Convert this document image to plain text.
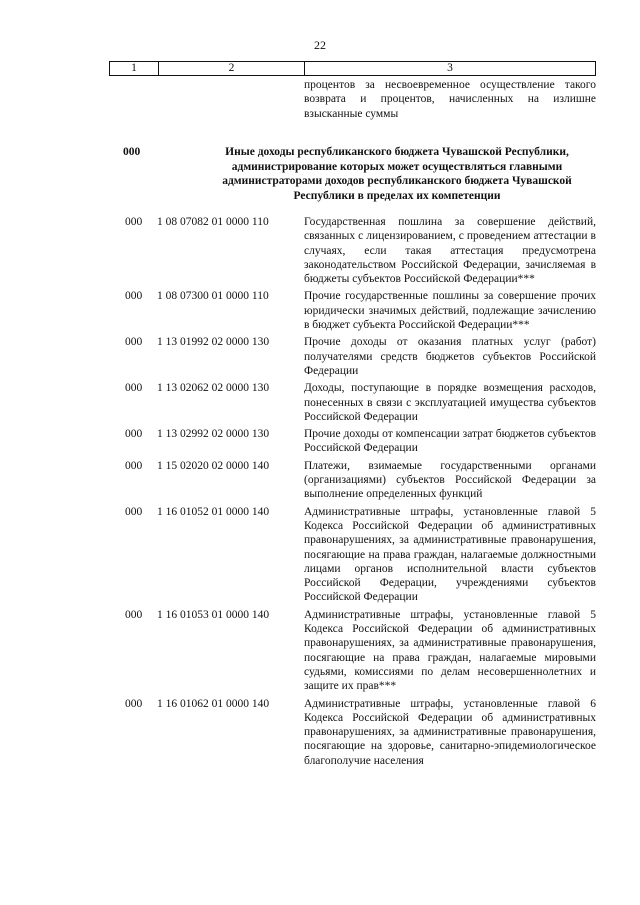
22
1	2	3
процентов за несвоевременное осуществление такого возврата и процентов, начисленных на излишне взысканные суммы
000	Иные доходы республиканского бюджета Чувашской Республики, администрирование которых может осуществляться главными администраторами доходов республиканского бюджета Чувашской Республики в пределах их компетенции
000	1 08 07082 01 0000 110	Государственная пошлина за совершение действий, связанных с лицензированием, с проведением аттестации в случаях, если такая аттестация предусмотрена законодательством Российской Федерации, зачисляемая в бюджеты субъектов Российской Федерации***
000	1 08 07300 01 0000 110	Прочие государственные пошлины за совершение прочих юридически значимых действий, подлежащие зачислению в бюджет субъекта Российской Федерации***
000	1 13 01992 02 0000 130	Прочие доходы от оказания платных услуг (работ) получателями средств бюджетов субъектов Российской Федерации
000	1 13 02062 02 0000 130	Доходы, поступающие в порядке возмещения расходов, понесенных в связи с эксплуатацией имущества субъектов Российской Федерации
000	1 13 02992 02 0000 130	Прочие доходы от компенсации затрат бюджетов субъектов Российской Федерации
000	1 15 02020 02 0000 140	Платежи, взимаемые государственными органами (организациями) субъектов Российской Федерации за выполнение определенных функций
000	1 16 01052 01 0000 140	Административные штрафы, установленные главой 5 Кодекса Российской Федерации об административных правонарушениях, за административные правонарушения, посягающие на права граждан, налагаемые должностными лицами органов исполнительной власти субъектов Российской Федерации, учреждениями субъектов Российской Федерации
000	1 16 01053 01 0000 140	Административные штрафы, установленные главой 5 Кодекса Российской Федерации об административных правонарушениях, за административные правонарушения, посягающие на права граждан, налагаемые мировыми судьями, комиссиями по делам несовершеннолетних и защите их прав***
000	1 16 01062 01 0000 140	Административные штрафы, установленные главой 6 Кодекса Российской Федерации об административных правонарушениях, за административные правонарушения, посягающие на здоровье, санитарно-эпидемиологическое благополучие населения
